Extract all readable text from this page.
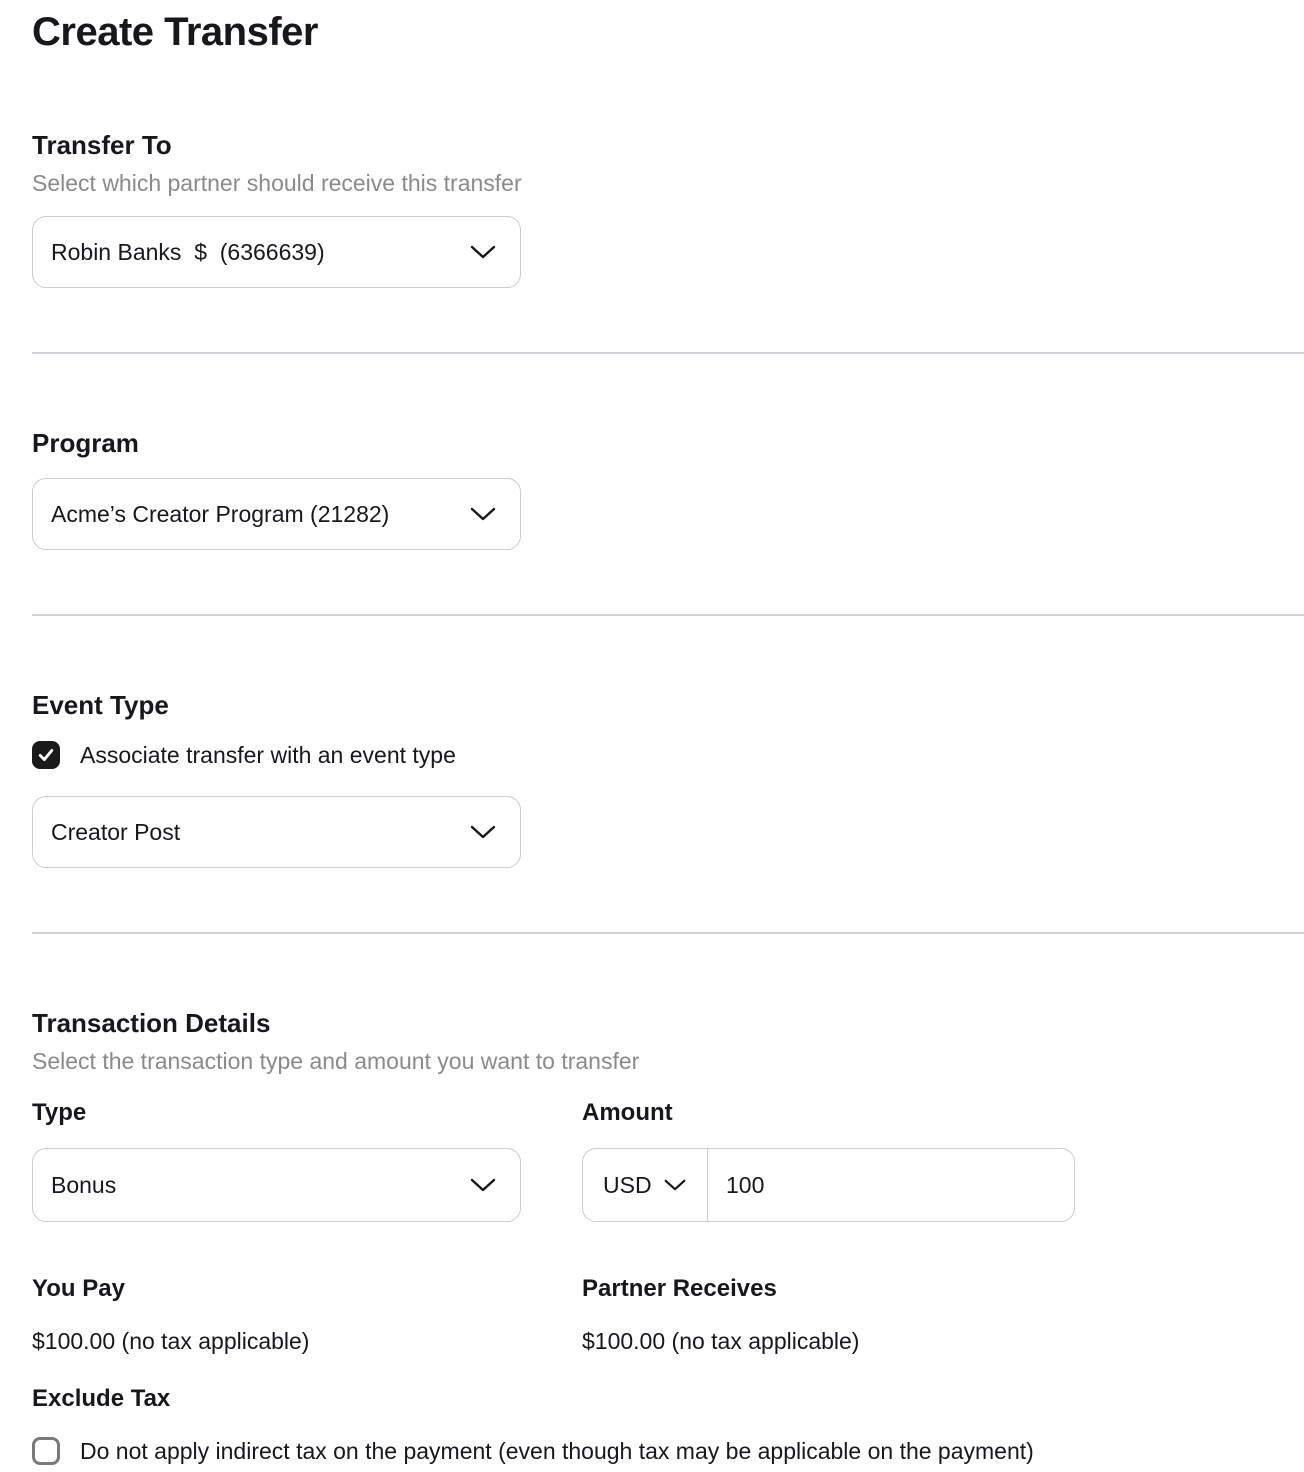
Create Transfer
Transfer To
Select which partner should receive this transfer
Robin Banks  $  (6366639)
Program
Acme’s Creator Program (21282)
Event Type
Associate transfer with an event type
Creator Post
Transaction Details
Select the transaction type and amount you want to transfer
Type	Amount
Bonus	USD
100
You Pay	Partner Receives
$100.00 (no tax applicable)	$100.00 (no tax applicable)
Exclude Tax
Do not apply indirect tax on the payment (even though tax may be applicable on the payment)
